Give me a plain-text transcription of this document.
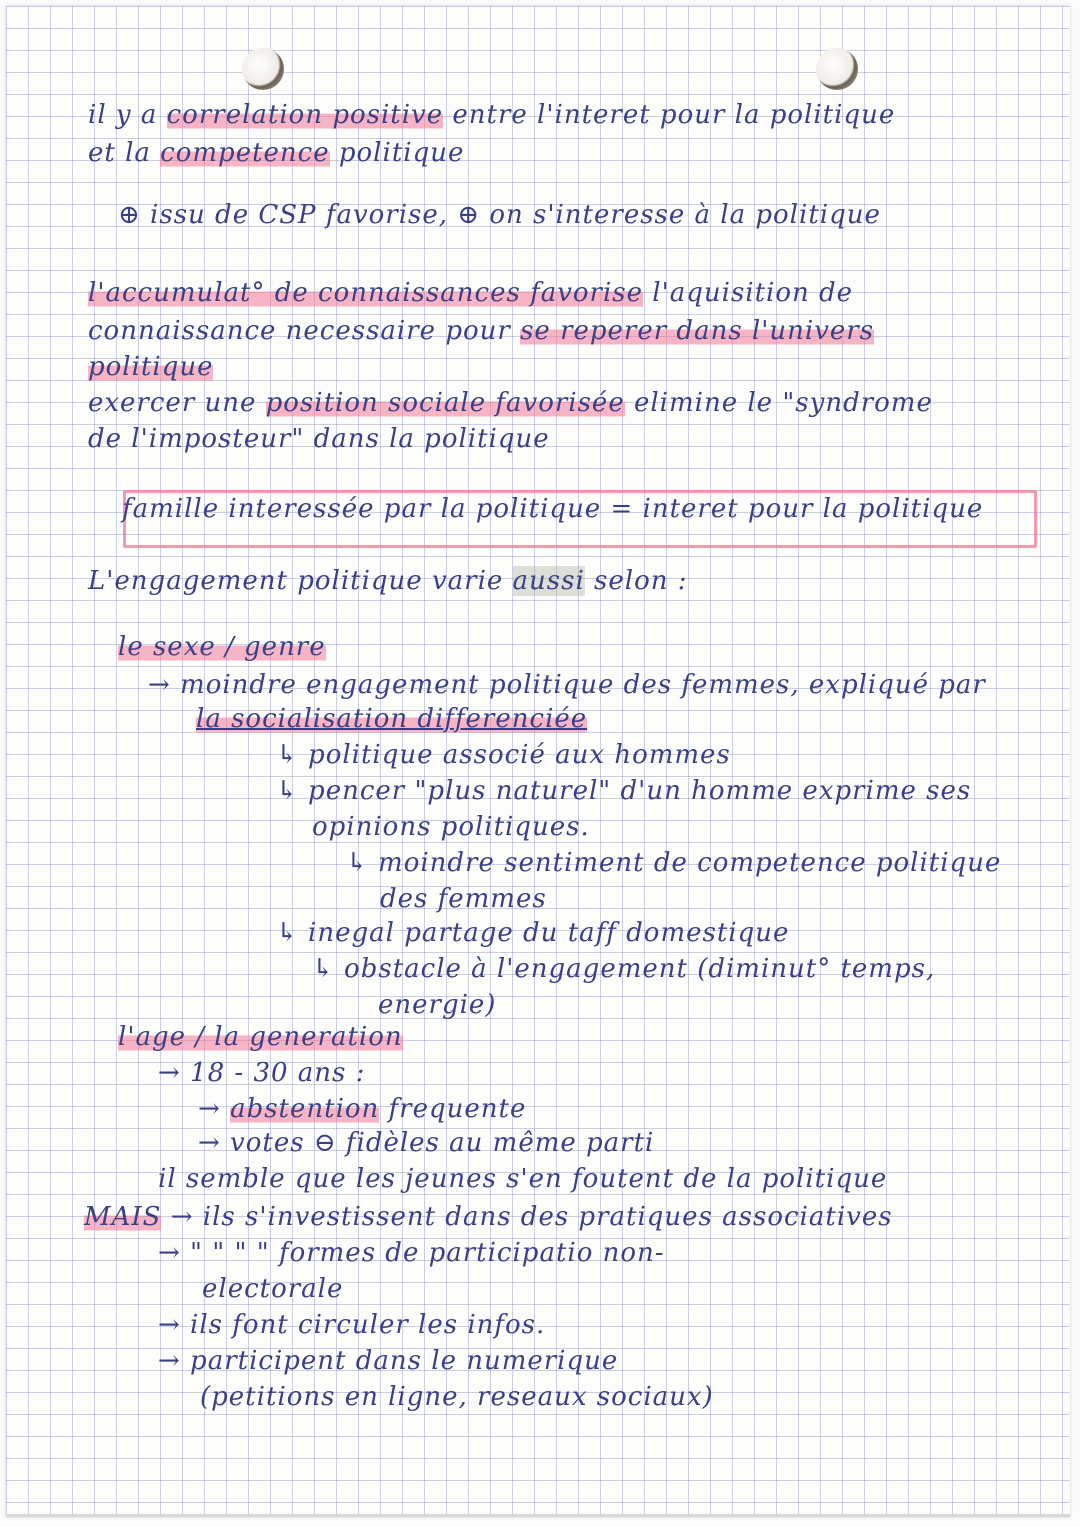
il y a correlation positive entre l'interet pour la politique
et la competence politique
⊕ issu de CSP favorise, ⊕ on s'interesse à la politique
l'accumulat° de connaissances favorise l'aquisition de
connaissance necessaire pour se reperer dans l'univers
politique
exercer une position sociale favorisée elimine le "syndrome
de l'imposteur" dans la politique
famille interessée par la politique = interet pour la politique
L'engagement politique varie aussi selon :
le sexe / genre
→ moindre engagement politique des femmes, expliqué par
la socialisation differenciée
↳ politique associé aux hommes
↳ pencer "plus naturel" d'un homme exprime ses
opinions politiques.
↳ moindre sentiment de competence politique
des femmes
↳ inegal partage du taff domestique
↳ obstacle à l'engagement (diminut° temps,
energie)
l'age / la generation
→ 18 - 30 ans :
→ abstention frequente
→ votes ⊖ fidèles au même parti
il semble que les jeunes s'en foutent de la politique
MAIS → ils s'investissent dans des pratiques associatives
→ " " " " formes de participatio non-
electorale
→ ils font circuler les infos.
→ participent dans le numerique
(petitions en ligne, reseaux sociaux)
